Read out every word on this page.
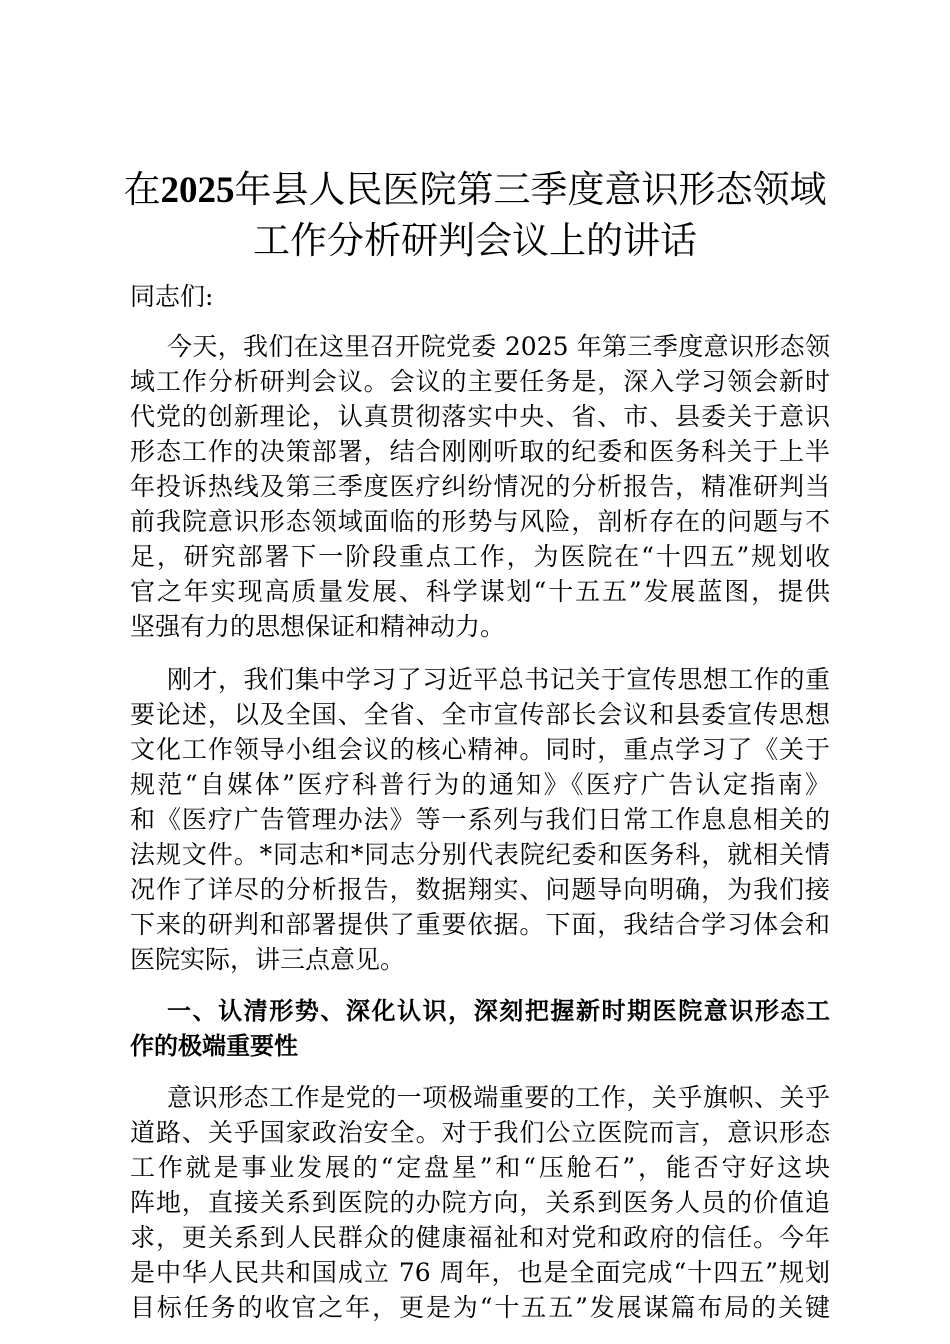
在2025年县人民医院第三季度意识形态领域
工作分析研判会议上的讲话
同志们:
今天，我们在这里召开院党委 2025 年第三季度意识形态领
域工作分析研判会议。会议的主要任务是，深入学习领会新时
代党的创新理论，认真贯彻落实中央、省、市、县委关于意识
形态工作的决策部署，结合刚刚听取的纪委和医务科关于上半
年投诉热线及第三季度医疗纠纷情况的分析报告，精准研判当
前我院意识形态领域面临的形势与风险，剖析存在的问题与不
足，研究部署下一阶段重点工作，为医院在“十四五”规划收
官之年实现高质量发展、科学谋划“十五五”发展蓝图，提供
坚强有力的思想保证和精神动力。
刚才，我们集中学习了习近平总书记关于宣传思想工作的重
要论述，以及全国、全省、全市宣传部长会议和县委宣传思想
文化工作领导小组会议的核心精神。同时，重点学习了《关于
规范“自媒体”医疗科普行为的通知》《医疗广告认定指南》
和《医疗广告管理办法》等一系列与我们日常工作息息相关的
法规文件。*同志和*同志分别代表院纪委和医务科，就相关情
况作了详尽的分析报告，数据翔实、问题导向明确，为我们接
下来的研判和部署提供了重要依据。下面，我结合学习体会和
医院实际，讲三点意见。
一、认清形势、深化认识，深刻把握新时期医院意识形态工
作的极端重要性
意识形态工作是党的一项极端重要的工作，关乎旗帜、关乎
道路、关乎国家政治安全。对于我们公立医院而言，意识形态
工作就是事业发展的“定盘星”和“压舱石”，能否守好这块
阵地，直接关系到医院的办院方向，关系到医务人员的价值追
求，更关系到人民群众的健康福祉和对党和政府的信任。今年
是中华人民共和国成立 76 周年，也是全面完成“十四五”规划
目标任务的收官之年，更是为“十五五”发展谋篇布局的关键
